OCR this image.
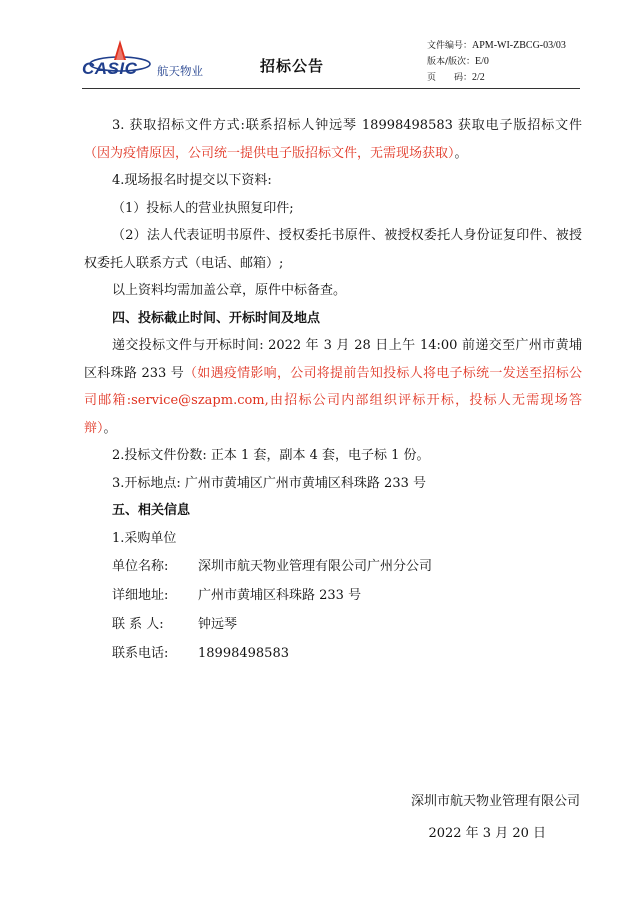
CASIC 航天物业	招标公告
文件编号：APM-WI-ZBCG-03/03
版本/版次：E/0
页　　码：2/2

3. 获取招标文件方式:联系招标人钟远琴 18998498583 获取电子版招标文件（因为疫情原因，公司统一提供电子版招标文件，无需现场获取）。

4.现场报名时提交以下资料:

（1）投标人的营业执照复印件;

（2）法人代表证明书原件、授权委托书原件、被授权委托人身份证复印件、被授权委托人联系方式（电话、邮箱）;

以上资料均需加盖公章，原件中标备查。

四、投标截止时间、开标时间及地点

递交投标文件与开标时间: 2022 年 3 月 28 日上午 14:00 前递交至广州市黄埔区科珠路 233 号（如遇疫情影响，公司将提前告知投标人将电子标统一发送至招标公司邮箱:service@szapm.com,由招标公司内部组织评标开标，投标人无需现场答辩）。

2.投标文件份数: 正本 1 套，副本 4 套，电子标 1 份。

3.开标地点: 广州市黄埔区广州市黄埔区科珠路 233 号

五、相关信息

1.采购单位

单位名称:	深圳市航天物业管理有限公司广州分公司
详细地址:	广州市黄埔区科珠路 233 号
联 系 人:	钟远琴
联系电话:	18998498583
深圳市航天物业管理有限公司
2022 年 3 月 20 日
